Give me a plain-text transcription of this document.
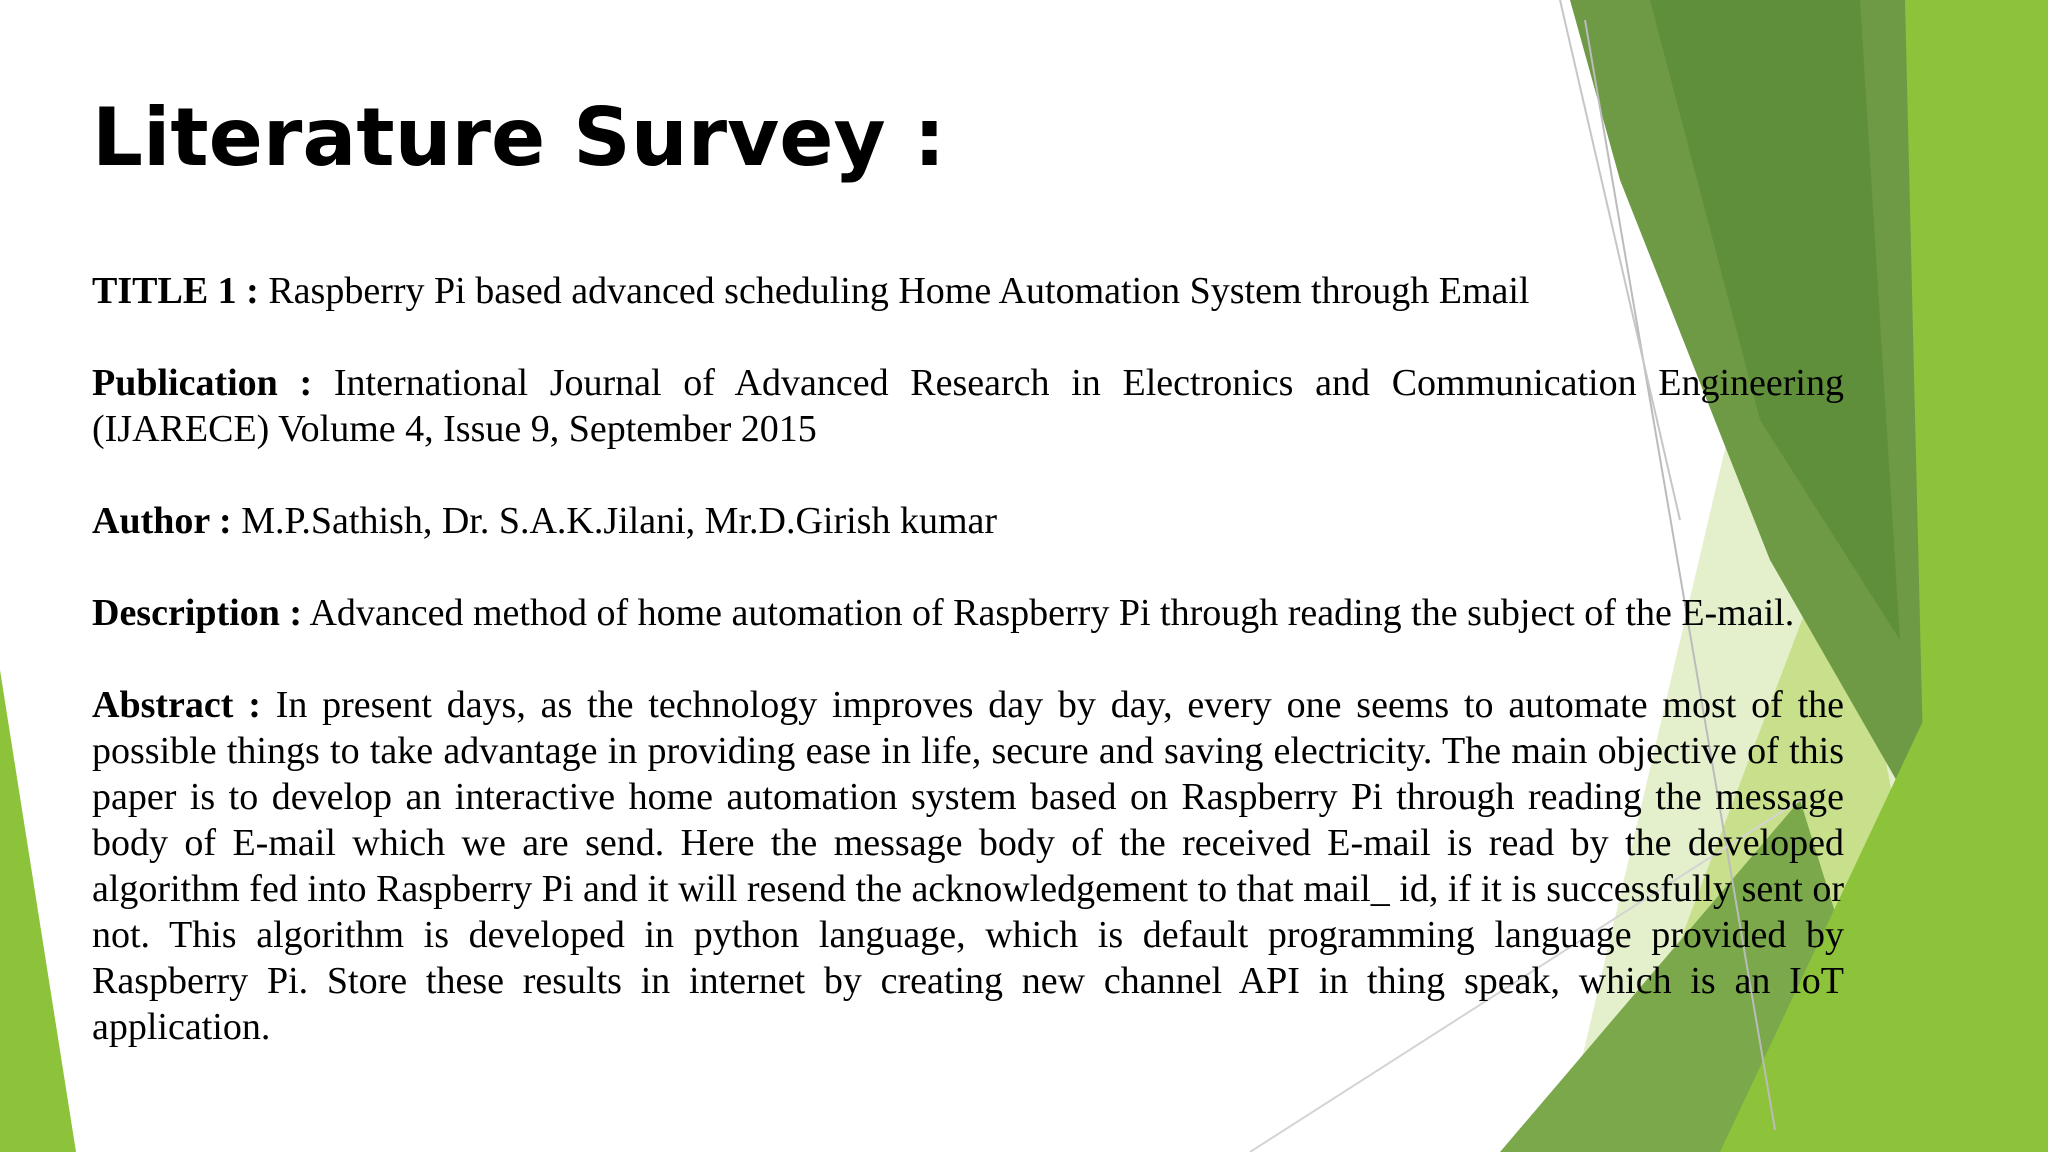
Literature Survey :

TITLE 1 : Raspberry Pi based advanced scheduling Home Automation System through Email

Publication : International Journal of Advanced Research in Electronics and Communication Engineering (IJARECE) Volume 4, Issue 9, September 2015

Author : M.P.Sathish, Dr. S.A.K.Jilani, Mr.D.Girish kumar

Description : Advanced method of home automation of Raspberry Pi through reading the subject of the E-mail.

Abstract : In present days, as the technology improves day by day, every one seems to automate most of the possible things to take advantage in providing ease in life, secure and saving electricity. The main objective of this paper is to develop an interactive home automation system based on Raspberry Pi through reading the message body of E-mail which we are send. Here the message body of the received E-mail is read by the developed algorithm fed into Raspberry Pi and it will resend the acknowledgement to that mail_ id, if it is successfully sent or not. This algorithm is developed in python language, which is default programming language provided by Raspberry Pi. Store these results in internet by creating new channel API in thing speak, which is an IoT application.
